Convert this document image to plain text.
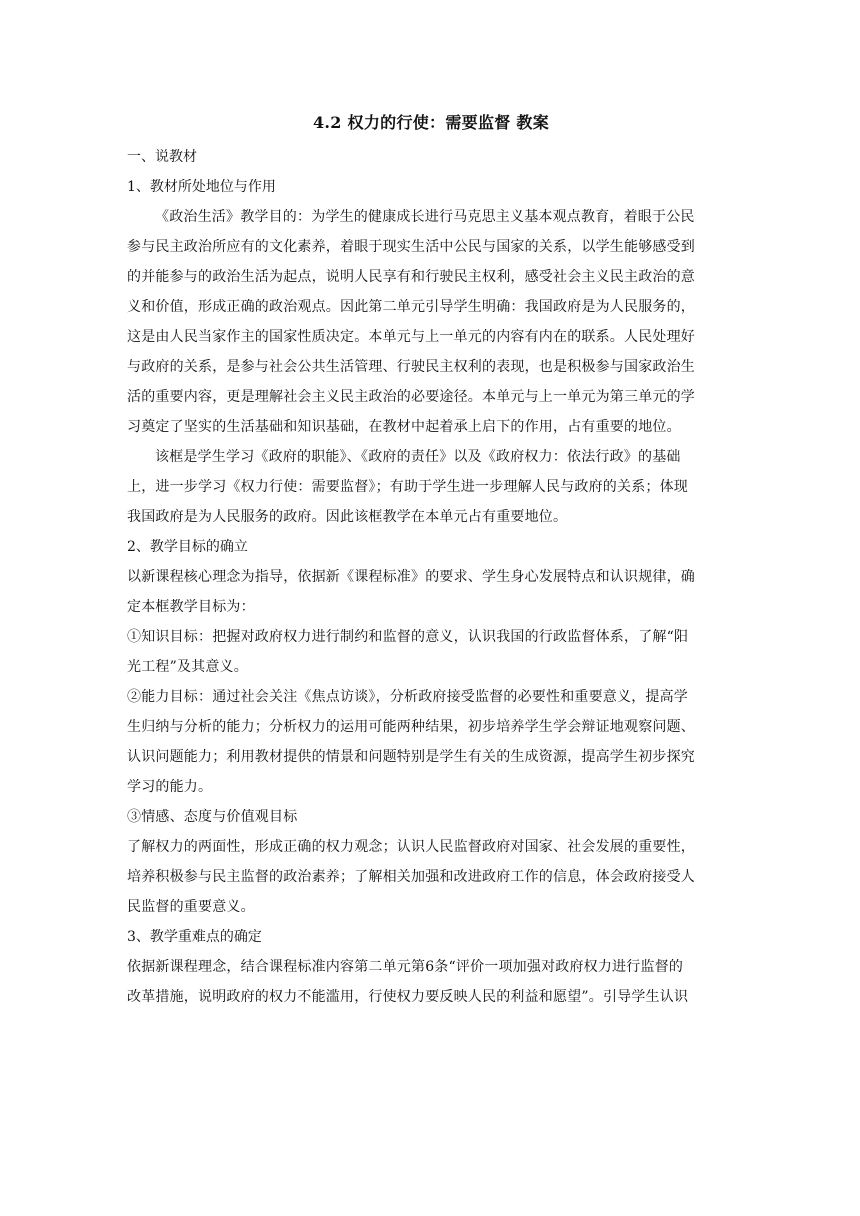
4.2 权力的行使：需要监督 教案

一、说教材

1、教材所处地位与作用

《政治生活》教学目的：为学生的健康成长进行马克思主义基本观点教育，着眼于公民

参与民主政治所应有的文化素养，着眼于现实生活中公民与国家的关系，以学生能够感受到

的并能参与的政治生活为起点，说明人民享有和行驶民主权利，感受社会主义民主政治的意

义和价值，形成正确的政治观点。因此第二单元引导学生明确：我国政府是为人民服务的，

这是由人民当家作主的国家性质决定。本单元与上一单元的内容有内在的联系。人民处理好

与政府的关系，是参与社会公共生活管理、行驶民主权利的表现，也是积极参与国家政治生

活的重要内容，更是理解社会主义民主政治的必要途径。本单元与上一单元为第三单元的学

习奠定了坚实的生活基础和知识基础，在教材中起着承上启下的作用，占有重要的地位。

该框是学生学习《政府的职能》、《政府的责任》以及《政府权力：依法行政》的基础

上，进一步学习《权力行使：需要监督》；有助于学生进一步理解人民与政府的关系；体现

我国政府是为人民服务的政府。因此该框教学在本单元占有重要地位。

2、教学目标的确立

以新课程核心理念为指导，依据新《课程标准》的要求、学生身心发展特点和认识规律，确

定本框教学目标为：

①知识目标：把握对政府权力进行制约和监督的意义，认识我国的行政监督体系，了解“阳

光工程”及其意义。

②能力目标：通过社会关注《焦点访谈》，分析政府接受监督的必要性和重要意义，提高学

生归纳与分析的能力；分析权力的运用可能两种结果，初步培养学生学会辩证地观察问题、

认识问题能力；利用教材提供的情景和问题特别是学生有关的生成资源，提高学生初步探究

学习的能力。

③情感、态度与价值观目标

了解权力的两面性，形成正确的权力观念；认识人民监督政府对国家、社会发展的重要性，

培养积极参与民主监督的政治素养；了解相关加强和改进政府工作的信息，体会政府接受人

民监督的重要意义。

3、教学重难点的确定

依据新课程理念，结合课程标准内容第二单元第6条“评价一项加强对政府权力进行监督的

改革措施，说明政府的权力不能滥用，行使权力要反映人民的利益和愿望”。引导学生认识
